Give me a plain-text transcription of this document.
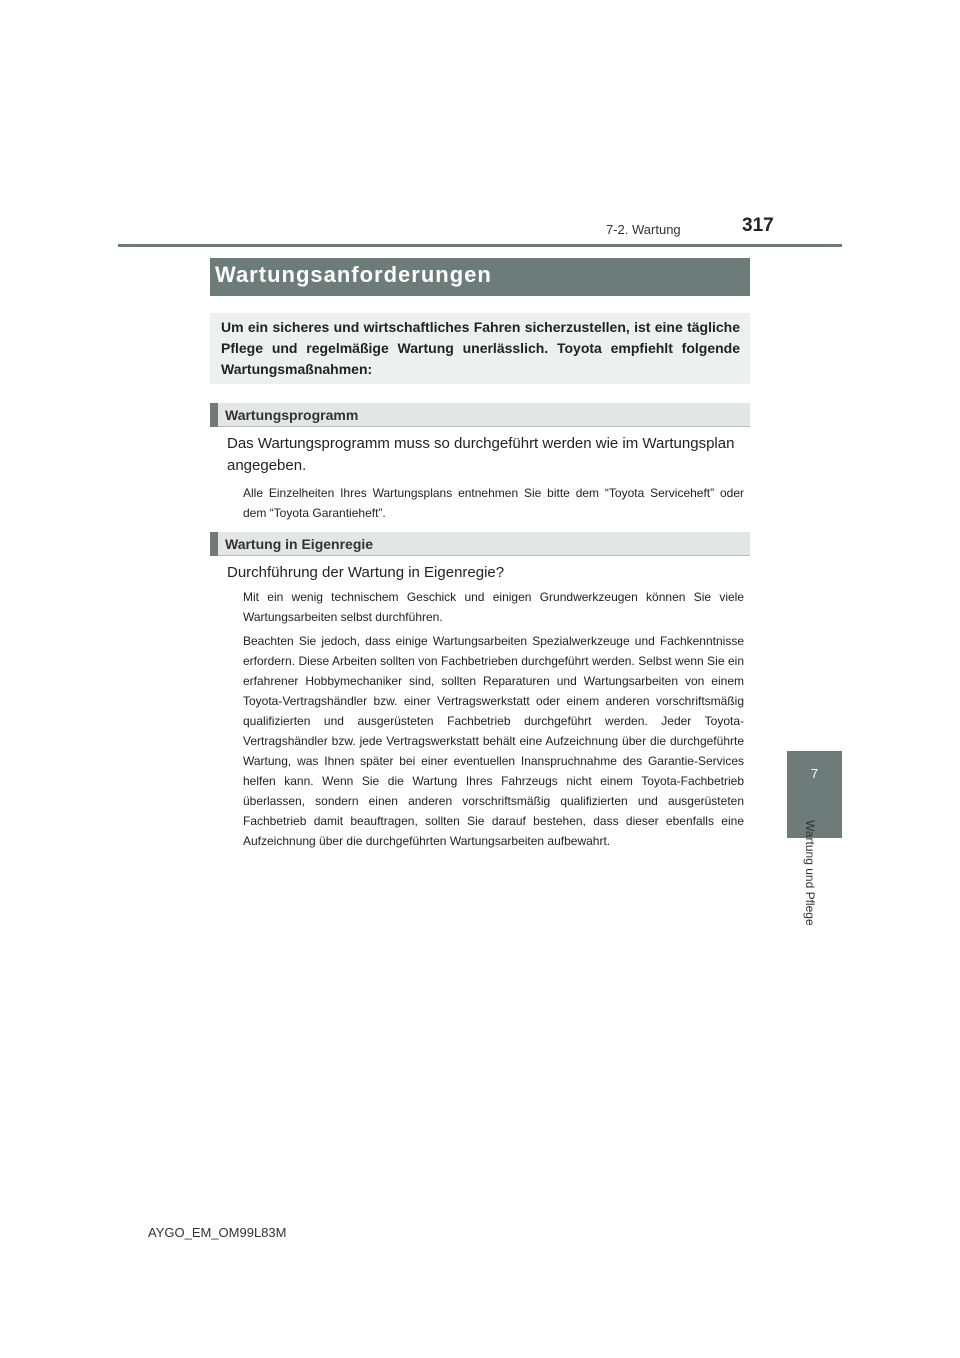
7-2. Wartung	317
7
Wartung und Pflege
Wartungsanforderungen
Um ein sicheres und wirtschaftliches Fahren sicherzustellen, ist eine tägliche Pflege und regelmäßige Wartung unerlässlich. Toyota empfiehlt folgende Wartungsmaßnahmen:
Wartungsprogramm
Das Wartungsprogramm muss so durchgeführt werden wie im Wartungsplan angegeben.
Alle Einzelheiten Ihres Wartungsplans entnehmen Sie bitte dem “Toyota Serviceheft” oder dem “Toyota Garantieheft”.
Wartung in Eigenregie
Durchführung der Wartung in Eigenregie?
Mit ein wenig technischem Geschick und einigen Grundwerkzeugen können Sie viele Wartungsarbeiten selbst durchführen.
Beachten Sie jedoch, dass einige Wartungsarbeiten Spezialwerkzeuge und Fachkenntnisse erfordern. Diese Arbeiten sollten von Fachbetrieben durchgeführt werden. Selbst wenn Sie ein erfahrener Hobbymechaniker sind, sollten Reparaturen und Wartungsarbeiten von einem Toyota-Vertragshändler bzw. einer Vertragswerkstatt oder einem anderen vorschriftsmäßig qualifizierten und ausgerüsteten Fachbetrieb durchgeführt werden. Jeder Toyota-Vertragshändler bzw. jede Vertragswerkstatt behält eine Aufzeichnung über die durchgeführte Wartung, was Ihnen später bei einer eventuellen Inanspruchnahme des Garantie-Services helfen kann. Wenn Sie die Wartung Ihres Fahrzeugs nicht einem Toyota-Fachbetrieb überlassen, sondern einen anderen vorschriftsmäßig qualifizierten und ausgerüsteten Fachbetrieb damit beauftragen, sollten Sie darauf bestehen, dass dieser ebenfalls eine Aufzeichnung über die durchgeführten Wartungsarbeiten aufbewahrt.
AYGO_EM_OM99L83M
